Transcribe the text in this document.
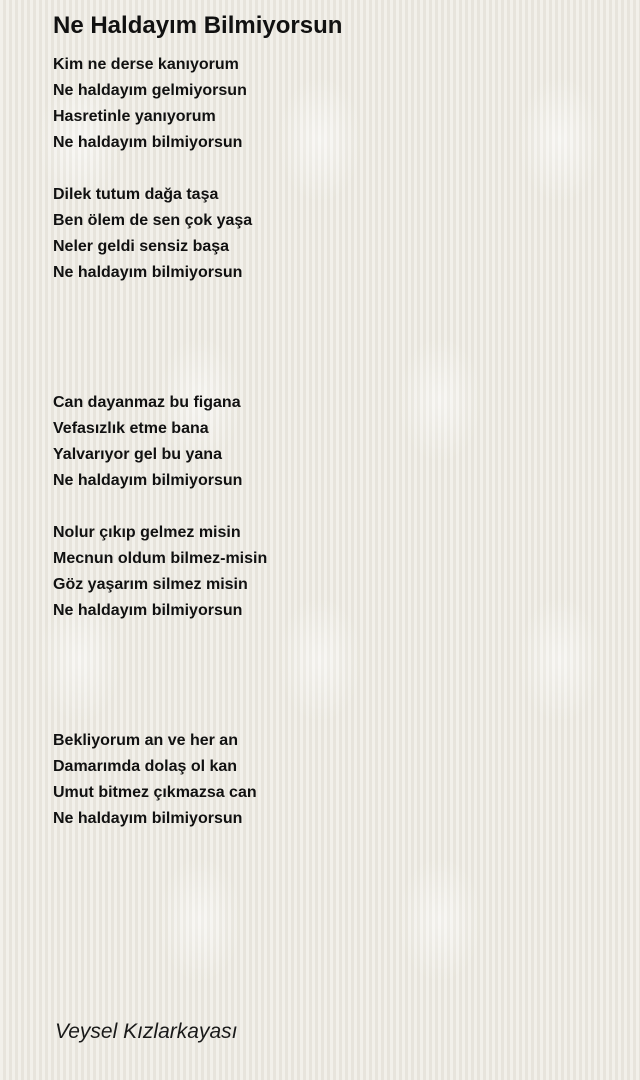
Ne Haldayım Bilmiyorsun
Kim ne derse kanıyorum
Ne haldayım gelmiyorsun
Hasretinle yanıyorum
Ne haldayım bilmiyorsun
Dilek tutum dağa taşa
Ben ölem de sen çok yaşa
Neler geldi sensiz başa
Ne haldayım bilmiyorsun
Can dayanmaz bu figana
Vefasızlık etme bana
Yalvarıyor gel bu yana
Ne haldayım bilmiyorsun
Nolur çıkıp gelmez misin
Mecnun oldum bilmez-misin
Göz yaşarım silmez misin
Ne haldayım bilmiyorsun
Bekliyorum an ve her an
Damarımda dolaş ol kan
Umut bitmez çıkmazsa can
Ne haldayım bilmiyorsun
Veysel Kızlarkayası
